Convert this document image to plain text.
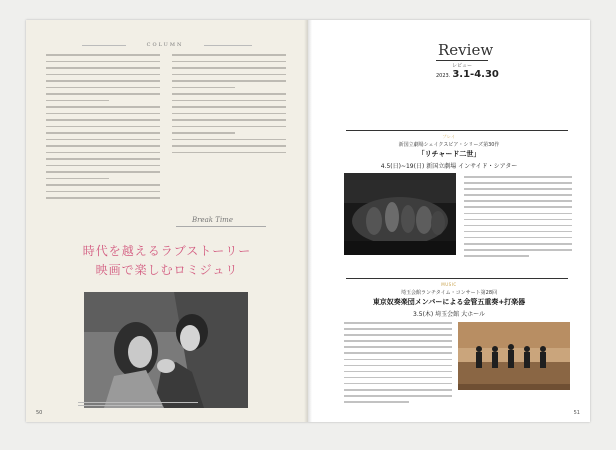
COLUMN
Break Time
時代を越えるラブストーリー
映画で楽しむロミジュリ
50
Review
レビュー
2023. 3.1-4.30
プレイ
新国立劇場シェイクスピア・シリーズ第30作
「リチャード二世」
4.5(日)~19(日) 新国立劇場 インサイド・シアター
MUSIC
埼玉会館ランチタイム・コンサート第28回
東京奴奏楽団メンバーによる金管五重奏+打楽器
3.5(木) 埼玉会館 大ホール
51
